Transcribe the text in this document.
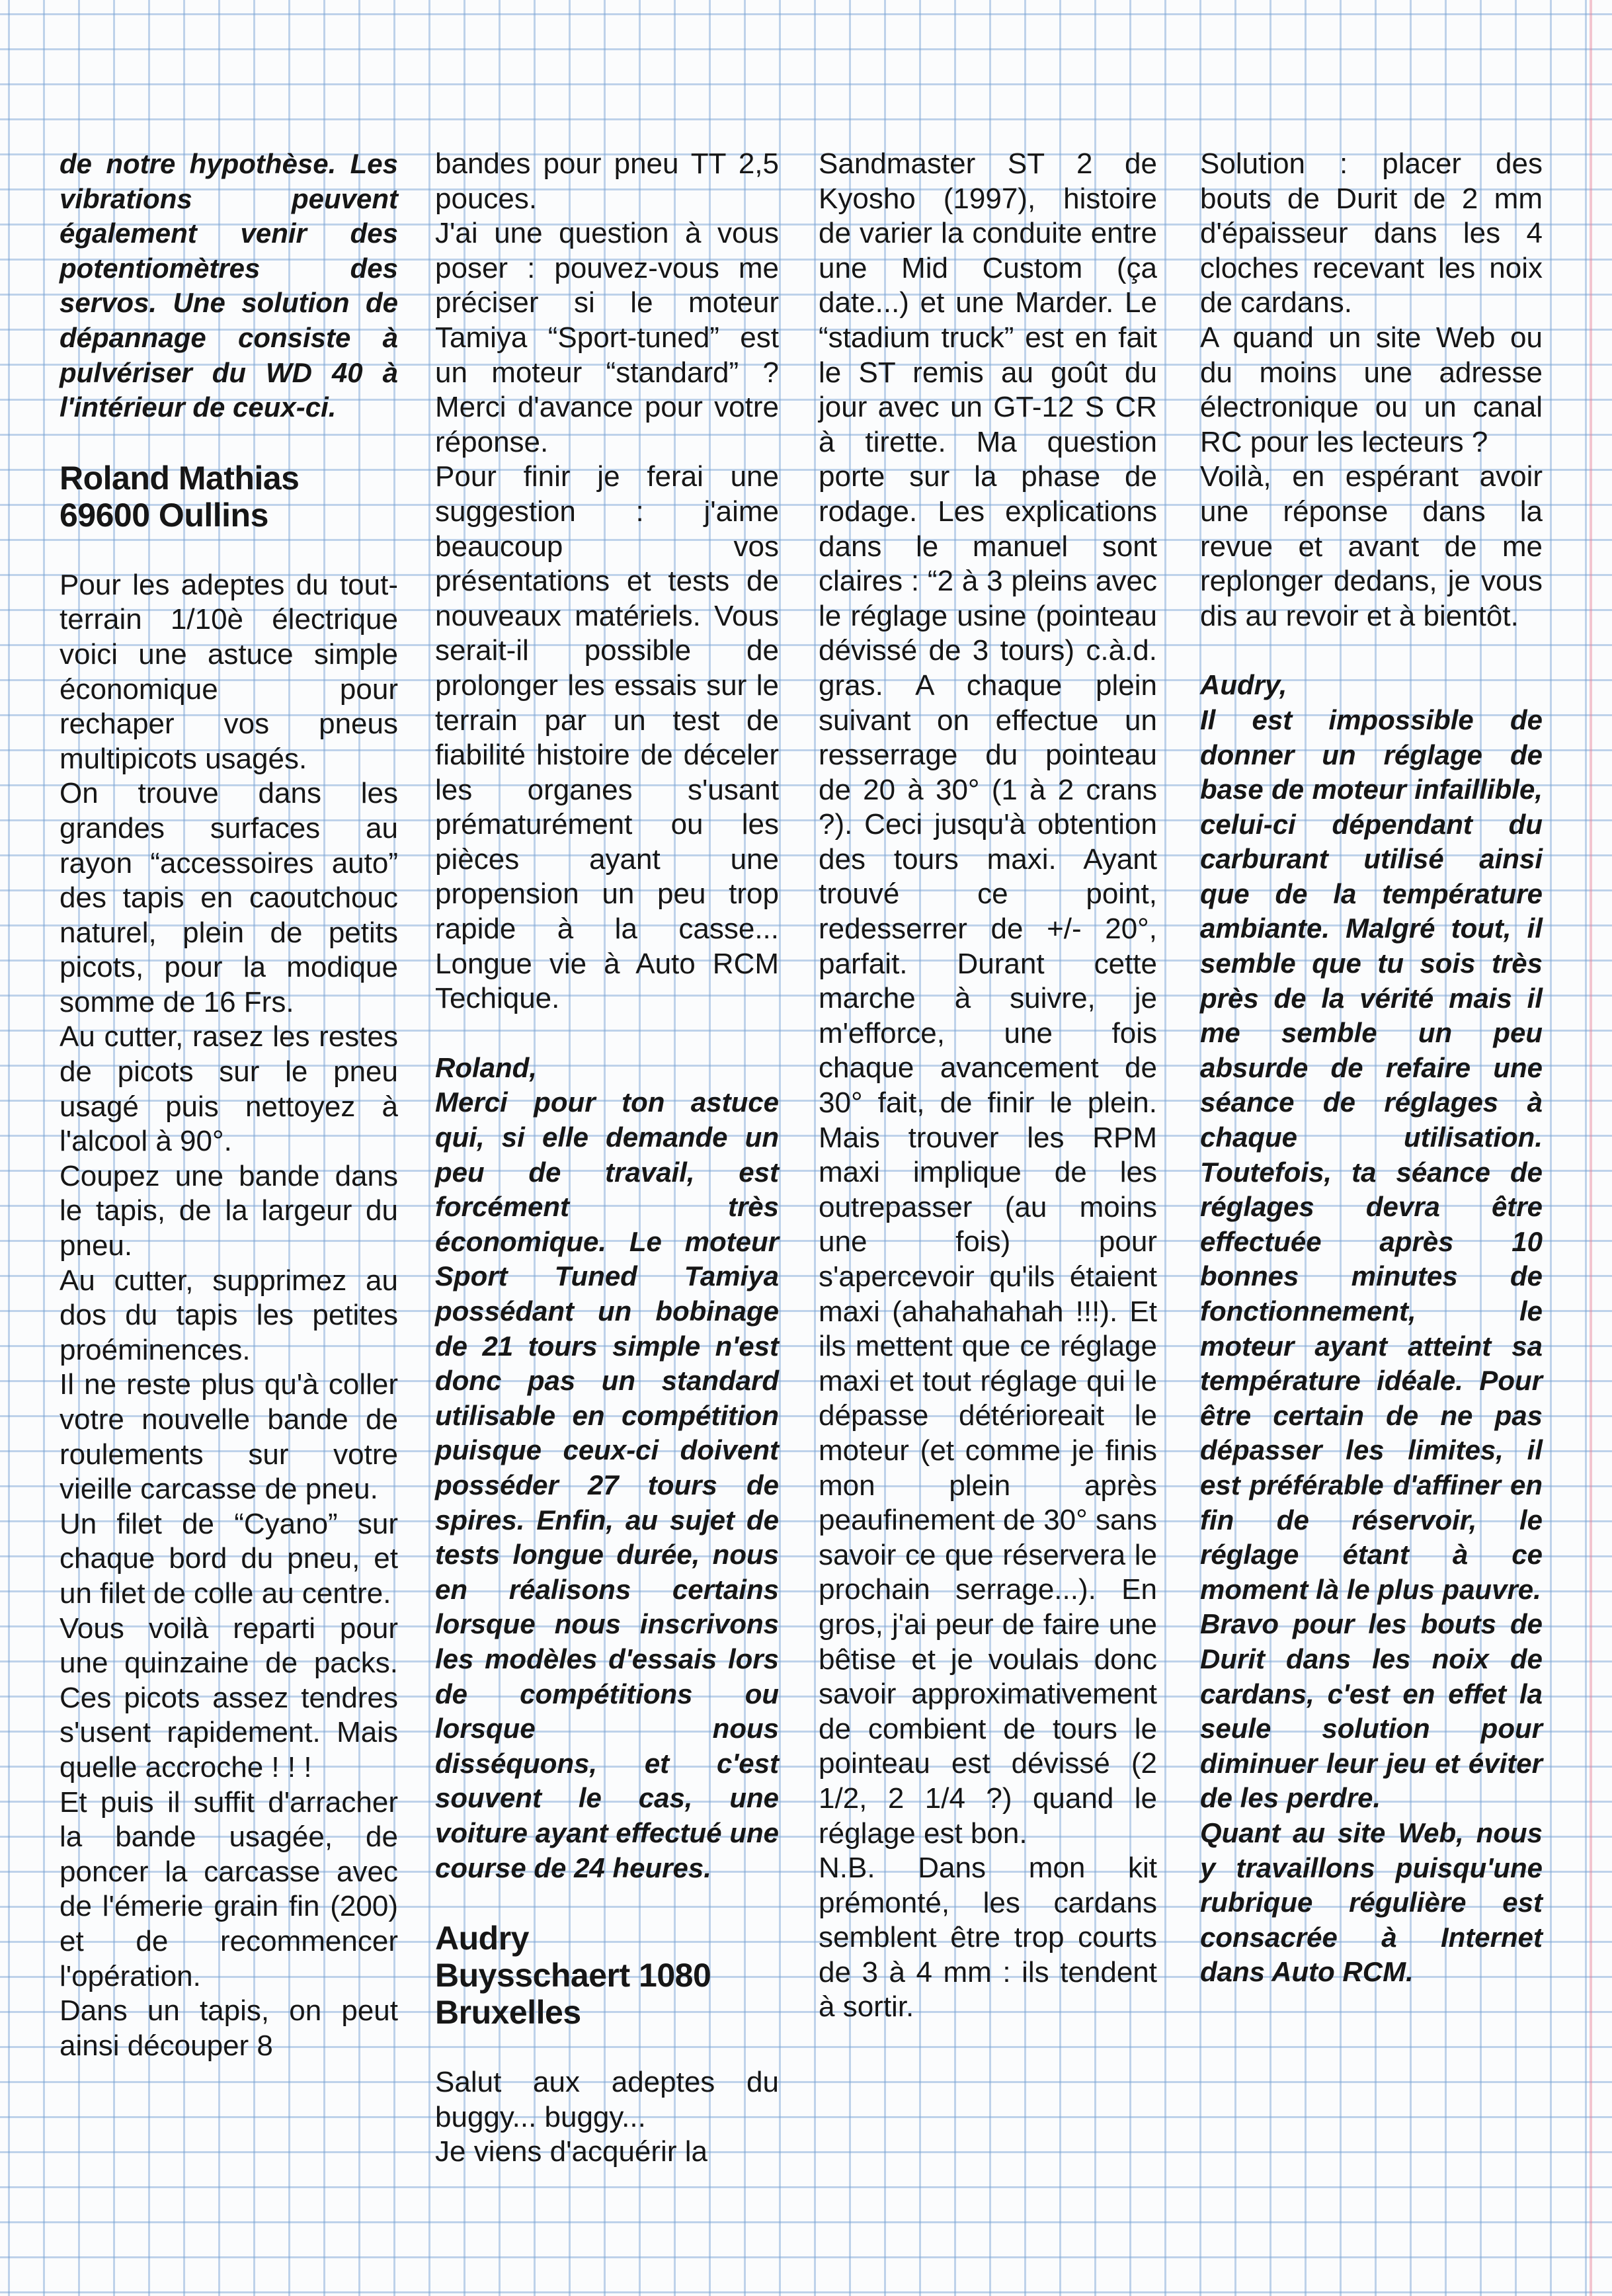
de notre hypothèse. Les vibrations peuvent également venir des potentiomètres des servos. Une solution de dépannage consiste à pulvériser du WD 40 à l'intérieur de ceux-ci.

Roland Mathias

69600 Oullins

Pour les adeptes du tout-terrain 1/10è électrique voici une astuce simple économique pour rechaper vos pneus multipicots usagés.

On trouve dans les grandes surfaces au rayon “accessoires auto” des tapis en caoutchouc naturel, plein de petits picots, pour la modique somme de 16 Frs.

Au cutter, rasez les restes de picots sur le pneu usagé puis nettoyez à l'alcool à 90°.

Coupez une bande dans le tapis, de la largeur du pneu.

Au cutter, supprimez au dos du tapis les petites proéminences.

Il ne reste plus qu'à coller votre nouvelle bande de roulements sur votre vieille carcasse de pneu.

Un filet de “Cyano” sur chaque bord du pneu, et un filet de colle au centre.

Vous voilà reparti pour une quinzaine de packs. Ces picots assez tendres s'usent rapidement. Mais quelle accroche ! ! !

Et puis il suffit d'arracher la bande usagée, de poncer la carcasse avec de l'émerie grain fin (200) et de recommencer l'opération.

Dans un tapis, on peut ainsi découper 8

bandes pour pneu TT 2,5 pouces.

J'ai une question à vous poser : pouvez-vous me préciser si le moteur Tamiya “Sport-tuned” est un moteur “standard” ? Merci d'avance pour votre réponse.

Pour finir je ferai une suggestion : j'aime beaucoup vos présentations et tests de nouveaux matériels. Vous serait-il possible de prolonger les essais sur le terrain par un test de fiabilité histoire de déceler les organes s'usant prématurément ou les pièces ayant une propension un peu trop rapide à la casse... Longue vie à Auto RCM Techique.

Roland,

Merci pour ton astuce qui, si elle demande un peu de travail, est forcément très économique. Le moteur Sport Tuned Tamiya possédant un bobinage de 21 tours simple n'est donc pas un standard utilisable en compétition puisque ceux-ci doivent posséder 27 tours de spires. Enfin, au sujet de tests longue durée, nous en réalisons certains lorsque nous inscrivons les modèles d'essais lors de compétitions ou lorsque nous disséquons, et c'est souvent le cas, une voiture ayant effectué une course de 24 heures.

Audry

Buysschaert 1080

Bruxelles

Salut aux adeptes du buggy... buggy...

Je viens d'acquérir la

Sandmaster ST 2 de Kyosho (1997), histoire de varier la conduite entre une Mid Custom (ça date...) et une Marder. Le “stadium truck” est en fait le ST remis au goût du jour avec un GT-12 S CR à tirette. Ma question porte sur la phase de rodage. Les explications dans le manuel sont claires : “2 à 3 pleins avec le réglage usine (pointeau dévissé de 3 tours) c.à.d. gras. A chaque plein suivant on effectue un resserrage du pointeau de 20 à 30° (1 à 2 crans ?). Ceci jusqu'à obtention des tours maxi. Ayant trouvé ce point, redesserrer de +/- 20°, parfait. Durant cette marche à suivre, je m'efforce, une fois chaque avancement de 30° fait, de finir le plein. Mais trouver les RPM maxi implique de les outrepasser (au moins une fois) pour s'apercevoir qu'ils étaient maxi (ahahahahah !!!). Et ils mettent que ce réglage maxi et tout réglage qui le dépasse détérioreait le moteur (et comme je finis mon plein après peaufinement de 30° sans savoir ce que réservera le prochain serrage...). En gros, j'ai peur de faire une bêtise et je voulais donc savoir approximativement de combient de tours le pointeau est dévissé (2 1/2, 2 1/4 ?) quand le réglage est bon.

N.B. Dans mon kit prémonté, les cardans semblent être trop courts de 3 à 4 mm : ils tendent à sortir.

Solution : placer des bouts de Durit de 2 mm d'épaisseur dans les 4 cloches recevant les noix de cardans.

A quand un site Web ou du moins une adresse électronique ou un canal RC pour les lecteurs ?

Voilà, en espérant avoir une réponse dans la revue et avant de me replonger dedans, je vous dis au revoir et à bientôt.

Audry,

Il est impossible de donner un réglage de base de moteur infaillible, celui-ci dépendant du carburant utilisé ainsi que de la température ambiante. Malgré tout, il semble que tu sois très près de la vérité mais il me semble un peu absurde de refaire une séance de réglages à chaque utilisation. Toutefois, ta séance de réglages devra être effectuée après 10 bonnes minutes de fonctionnement, le moteur ayant atteint sa température idéale. Pour être certain de ne pas dépasser les limites, il est préférable d'affiner en fin de réservoir, le réglage étant à ce moment là le plus pauvre.

Bravo pour les bouts de Durit dans les noix de cardans, c'est en effet la seule solution pour diminuer leur jeu et éviter de les perdre.

Quant au site Web, nous y travaillons puisqu'une rubrique régulière est consacrée à Internet dans Auto RCM.
